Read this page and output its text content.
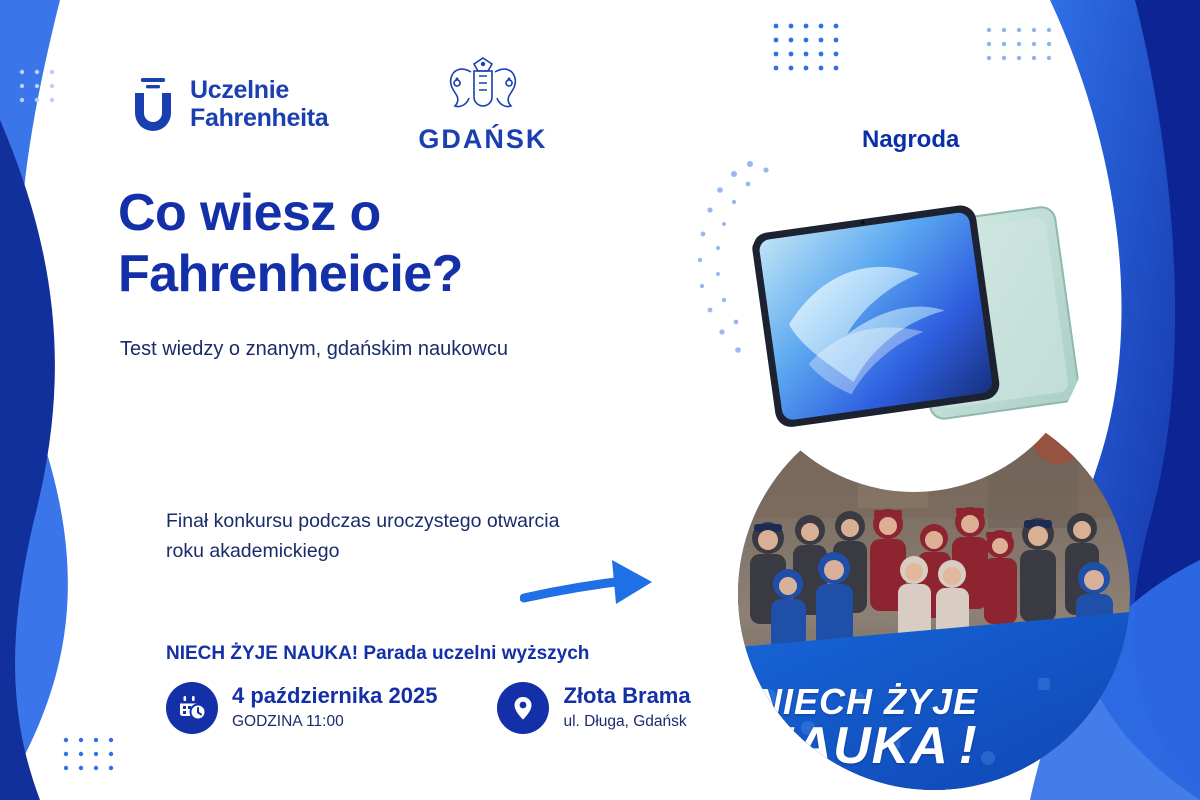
Uczelnie
Fahrenheita
GDAŃSK
Co wiesz o Fahrenheicie?
Test wiedzy o znanym, gdańskim naukowcu
Finał konkursu podczas uroczystego otwarcia roku akademickiego
NIECH ŻYJE NAUKA! Parada uczelni wyższych
4 października 2025
GODZINA 11:00
Złota Brama
ul. Długa, Gdańsk
Nagroda
NIECH ŻYJE
NAUKA !
